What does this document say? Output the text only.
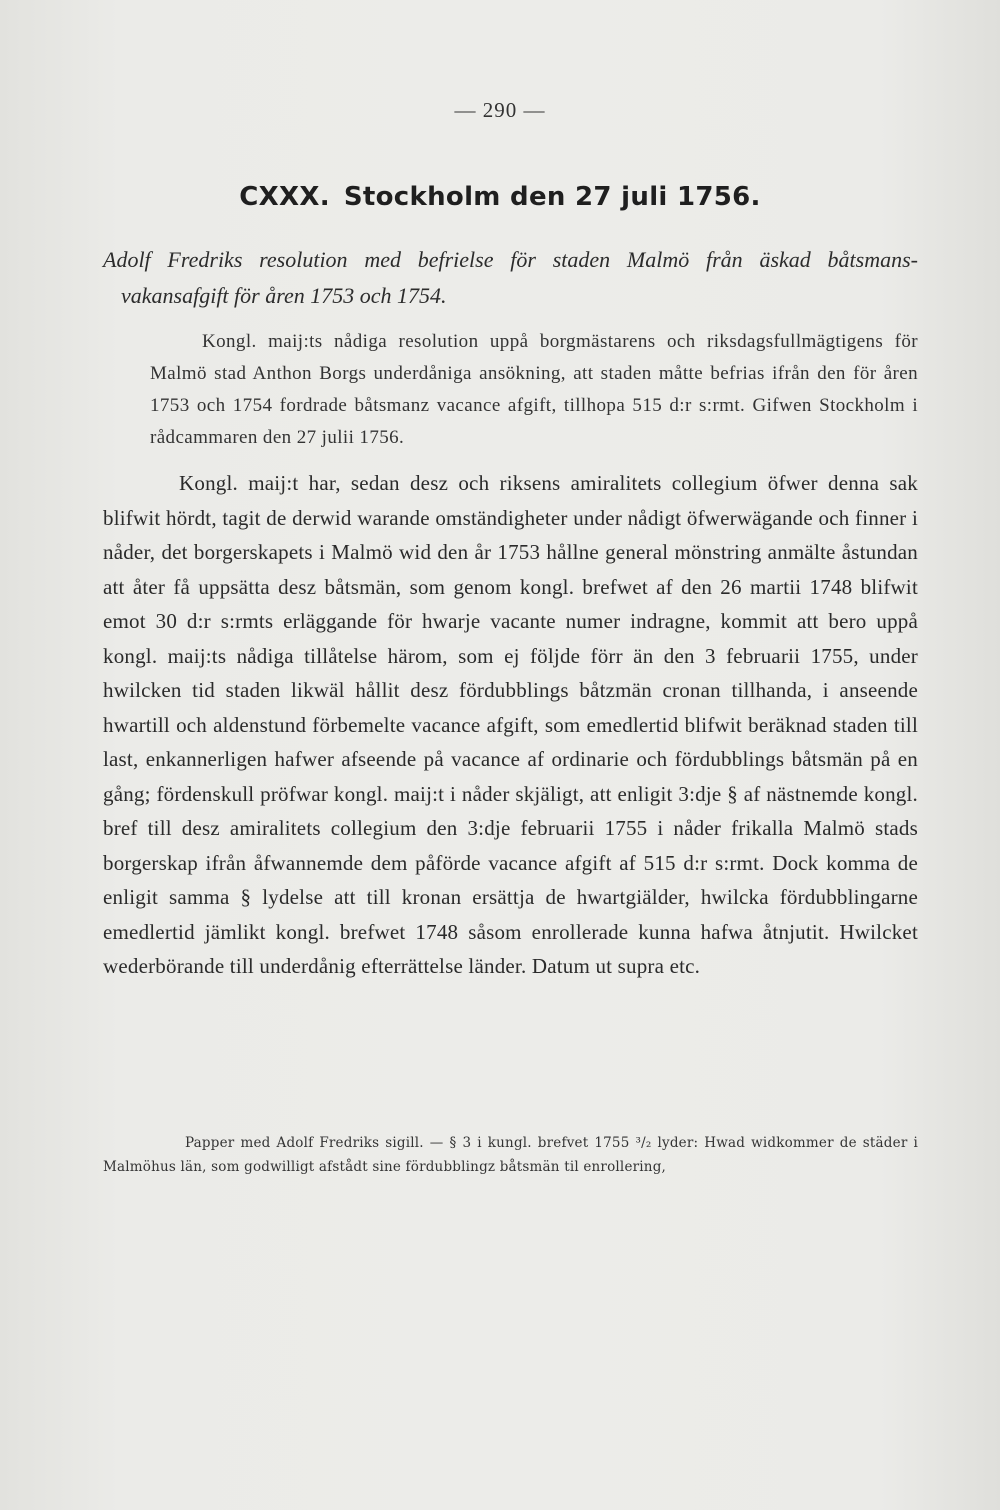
— 290 —
CXXX. Stockholm den 27 juli 1756.
Adolf Fredriks resolution med befrielse för staden Malmö från äskad båtsmans-
vakansafgift för åren 1753 och 1754.
Kongl. maij:ts nådiga resolution uppå borgmästarens och riksdagsfullmägtigens för Malmö stad Anthon Borgs underdåniga ansökning, att staden måtte befrias ifrån den för åren 1753 och 1754 fordrade båtsmanz vacance afgift, tillhopa 515 d:r s:rmt. Gifwen Stockholm i rådcammaren den 27 julii 1756.
Kongl. maij:t har, sedan desz och riksens amiralitets collegium öfwer denna sak blifwit hördt, tagit de derwid warande omständigheter under nådigt öfwerwägande och finner i nåder, det borgerskapets i Malmö wid den år 1753 hållne general mönstring anmälte åstundan att åter få uppsätta desz båtsmän, som genom kongl. brefwet af den 26 martii 1748 blifwit emot 30 d:r s:rmts erläggande för hwarje vacante numer indragne, kommit att bero uppå kongl. maij:ts nådiga tillåtelse härom, som ej följde förr än den 3 februarii 1755, under hwilcken tid staden likwäl hållit desz fördubblings båtzmän cronan tillhanda, i anseende hwartill och aldenstund förbemelte vacance afgift, som emedlertid blifwit beräknad staden till last, enkannerligen hafwer afseende på vacance af ordinarie och fördubblings båtsmän på en gång; fördenskull pröfwar kongl. maij:t i nåder skjäligt, att enligit 3:dje § af nästnemde kongl. bref till desz amiralitets collegium den 3:dje februarii 1755 i nåder frikalla Malmö stads borgerskap ifrån åfwannemde dem påförde vacance afgift af 515 d:r s:rmt. Dock komma de enligit samma § lydelse att till kronan ersättja de hwartgiälder, hwilcka fördubblingarne emedlertid jämlikt kongl. brefwet 1748 såsom enrollerade kunna hafwa åtnjutit. Hwilcket wederbörande till underdånig efterrättelse länder. Datum ut supra etc.
Papper med Adolf Fredriks sigill. — § 3 i kungl. brefvet 1755 ³/₂ lyder: Hwad widkommer de städer i Malmöhus län, som godwilligt afstådt sine fördubblingz båtsmän til enrollering,
